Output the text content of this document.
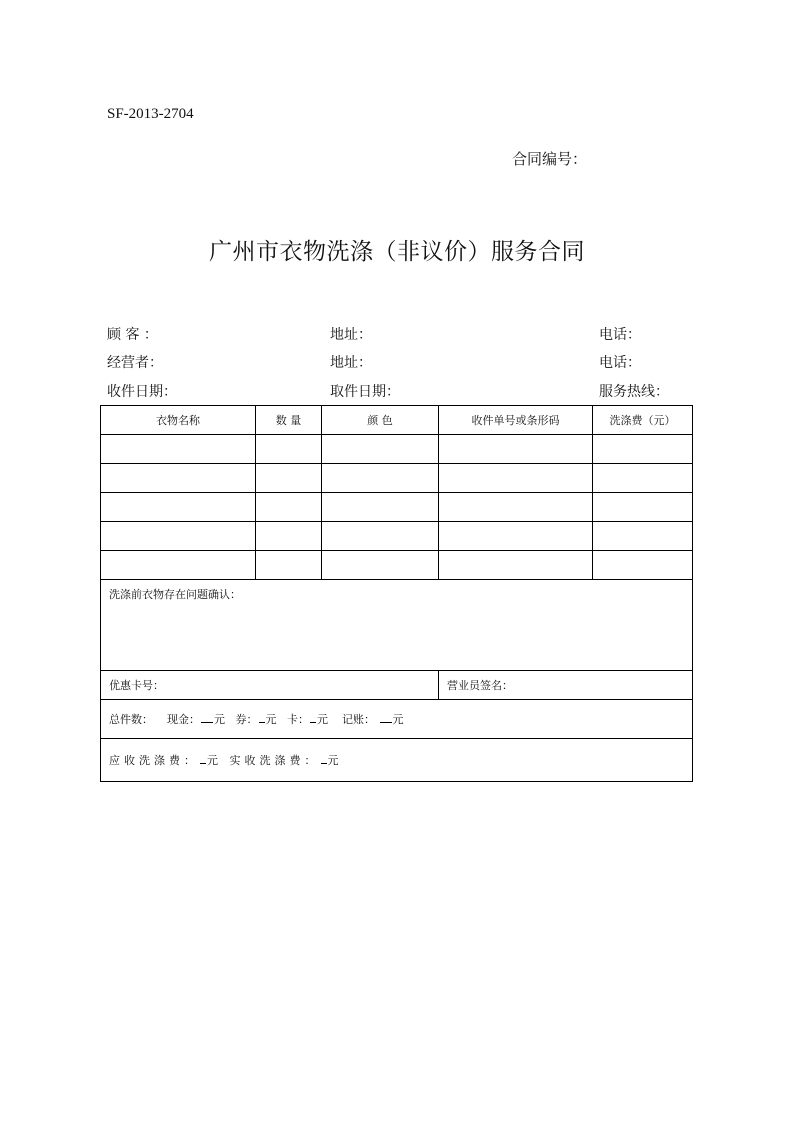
SF-2013-2704
合同编号：
广州市衣物洗涤（非议价）服务合同
顾 客 ：	地址：	电话：
经营者：	地址：	电话：
收件日期：	取件日期：	服务热线：
衣物名称	数 量	颜 色	收件单号或条形码	洗涤费（元）

洗涤前衣物存在问题确认：				
优惠卡号：			营业员签名：	
总件数： 现金： 元 券： 元 卡： 元 记账： 元				
应收洗涤费： 元 实收洗涤费： 元				
